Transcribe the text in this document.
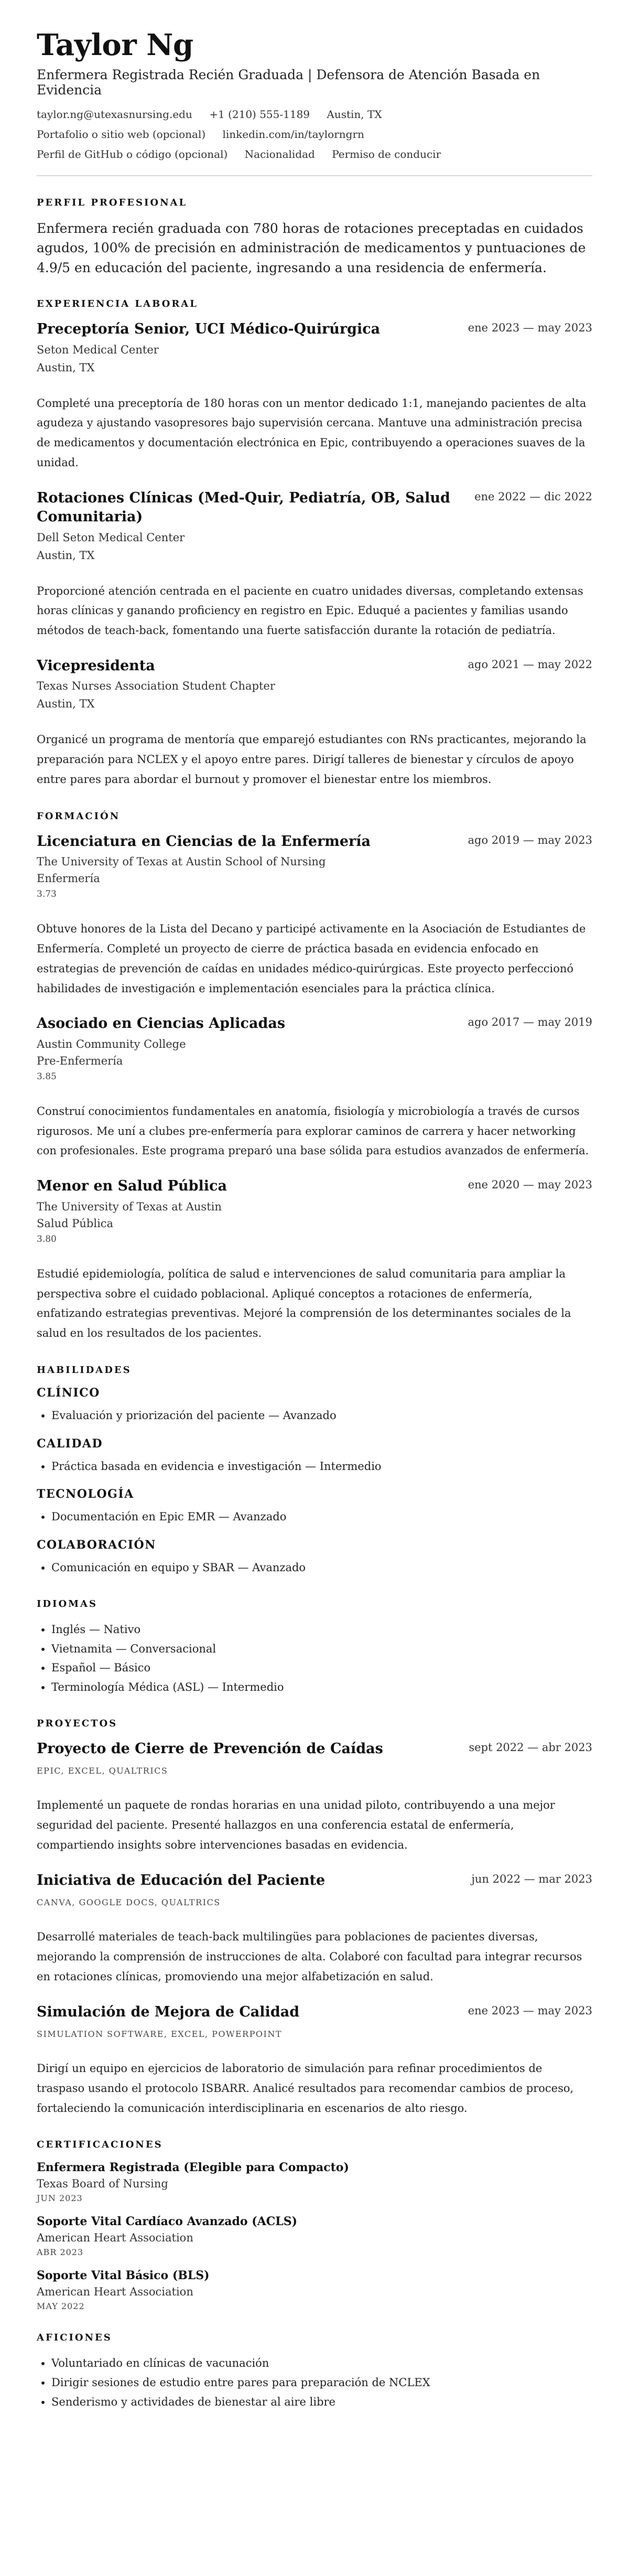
Taylor Ng

Enfermera Registrada Recién Graduada | Defensora de Atención Basada en Evidencia

taylor.ng@utexasnursing.edu +1 (210) 555-1189 Austin, TX
Portafolio o sitio web (opcional) linkedin.com/in/taylorngrn
Perfil de GitHub o código (opcional) Nacionalidad Permiso de conducir
PERFIL PROFESIONAL

Enfermera recién graduada con 780 horas de rotaciones preceptadas en cuidados agudos, 100% de precisión en administración de medicamentos y puntuaciones de 4.9/5 en educación del paciente, ingresando a una residencia de enfermería.

EXPERIENCIA LABORAL
Preceptoría Senior, UCI Médico-Quirúrgica	ene 2023 — may 2023

Seton Medical Center

Austin, TX

Completé una preceptoría de 180 horas con un mentor dedicado 1:1, manejando pacientes de alta agudeza y ajustando vasopresores bajo supervisión cercana. Mantuve una administración precisa de medicamentos y documentación electrónica en Epic, contribuyendo a operaciones suaves de la unidad.

Rotaciones Clínicas (Med-Quir, Pediatría, OB, Salud Comunitaria)
ene 2022 — dic 2022

Dell Seton Medical Center

Austin, TX

Proporcioné atención centrada en el paciente en cuatro unidades diversas, completando extensas horas clínicas y ganando proficiency en registro en Epic. Eduqué a pacientes y familias usando métodos de teach-back, fomentando una fuerte satisfacción durante la rotación de pediatría.

Vicepresidenta	ago 2021 — may 2022

Texas Nurses Association Student Chapter

Austin, TX

Organicé un programa de mentoría que emparejó estudiantes con RNs practicantes, mejorando la preparación para NCLEX y el apoyo entre pares. Dirigí talleres de bienestar y círculos de apoyo entre pares para abordar el burnout y promover el bienestar entre los miembros.

FORMACIÓN
Licenciatura en Ciencias de la Enfermería	ago 2019 — may 2023

The University of Texas at Austin School of Nursing

Enfermería

3.73

Obtuve honores de la Lista del Decano y participé activamente en la Asociación de Estudiantes de Enfermería. Completé un proyecto de cierre de práctica basada en evidencia enfocado en estrategias de prevención de caídas en unidades médico-quirúrgicas. Este proyecto perfeccionó habilidades de investigación e implementación esenciales para la práctica clínica.

Asociado en Ciencias Aplicadas	ago 2017 — may 2019

Austin Community College

Pre-Enfermería

3.85

Construí conocimientos fundamentales en anatomía, fisiología y microbiología a través de cursos rigurosos. Me uní a clubes pre-enfermería para explorar caminos de carrera y hacer networking con profesionales. Este programa preparó una base sólida para estudios avanzados de enfermería.

Menor en Salud Pública	ene 2020 — may 2023

The University of Texas at Austin

Salud Pública

3.80

Estudié epidemiología, política de salud e intervenciones de salud comunitaria para ampliar la perspectiva sobre el cuidado poblacional. Apliqué conceptos a rotaciones de enfermería, enfatizando estrategias preventivas. Mejoré la comprensión de los determinantes sociales de la salud en los resultados de los pacientes.

HABILIDADES
CLÍNICO
• Evaluación y priorización del paciente — Avanzado
CALIDAD
• Práctica basada en evidencia e investigación — Intermedio
TECNOLOGÍA
• Documentación en Epic EMR — Avanzado
COLABORACIÓN
• Comunicación en equipo y SBAR — Avanzado
IDIOMAS
• Inglés — Nativo
• Vietnamita — Conversacional
• Español — Básico
• Terminología Médica (ASL) — Intermedio
PROYECTOS
Proyecto de Cierre de Prevención de Caídas	sept 2022 — abr 2023

EPIC, EXCEL, QUALTRICS

Implementé un paquete de rondas horarias en una unidad piloto, contribuyendo a una mejor seguridad del paciente. Presenté hallazgos en una conferencia estatal de enfermería, compartiendo insights sobre intervenciones basadas en evidencia.

Iniciativa de Educación del Paciente	jun 2022 — mar 2023

CANVA, GOOGLE DOCS, QUALTRICS

Desarrollé materiales de teach-back multilingües para poblaciones de pacientes diversas, mejorando la comprensión de instrucciones de alta. Colaboré con facultad para integrar recursos en rotaciones clínicas, promoviendo una mejor alfabetización en salud.

Simulación de Mejora de Calidad	ene 2023 — may 2023

SIMULATION SOFTWARE, EXCEL, POWERPOINT

Dirigí un equipo en ejercicios de laboratorio de simulación para refinar procedimientos de traspaso usando el protocolo ISBARR. Analicé resultados para recomendar cambios de proceso, fortaleciendo la comunicación interdisciplinaria en escenarios de alto riesgo.

CERTIFICACIONES

Enfermera Registrada (Elegible para Compacto)

Texas Board of Nursing

JUN 2023

Soporte Vital Cardíaco Avanzado (ACLS)

American Heart Association

ABR 2023

Soporte Vital Básico (BLS)

American Heart Association

MAY 2022

AFICIONES
• Voluntariado en clínicas de vacunación
• Dirigir sesiones de estudio entre pares para preparación de NCLEX
• Senderismo y actividades de bienestar al aire libre
